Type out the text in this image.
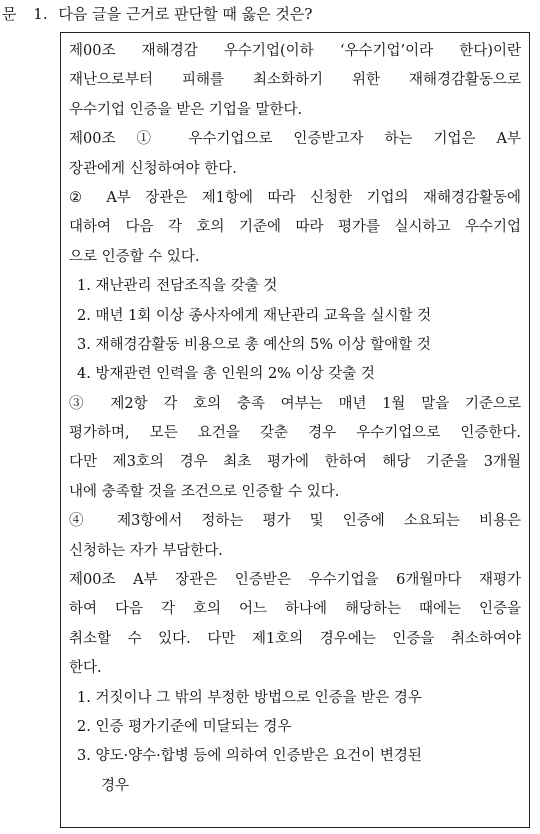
문 1. 다음 글을 근거로 판단할 때 옳은 것은?
제00조 재해경감 우수기업(이하 ‘우수기업’이라 한다)이란
재난으로부터 피해를 최소화하기 위한 재해경감활동으로
우수기업 인증을 받은 기업을 말한다.
제00조 ① 우수기업으로 인증받고자 하는 기업은 A부
장관에게 신청하여야 한다.
② A부 장관은 제1항에 따라 신청한 기업의 재해경감활동에
대하여 다음 각 호의 기준에 따라 평가를 실시하고 우수기업
으로 인증할 수 있다.
1. 재난관리 전담조직을 갖출 것
2. 매년 1회 이상 종사자에게 재난관리 교육을 실시할 것
3. 재해경감활동 비용으로 총 예산의 5% 이상 할애할 것
4. 방재관련 인력을 총 인원의 2% 이상 갖출 것
③ 제2항 각 호의 충족 여부는 매년 1월 말을 기준으로
평가하며, 모든 요건을 갖춘 경우 우수기업으로 인증한다.
다만 제3호의 경우 최초 평가에 한하여 해당 기준을 3개월
내에 충족할 것을 조건으로 인증할 수 있다.
④ 제3항에서 정하는 평가 및 인증에 소요되는 비용은
신청하는 자가 부담한다.
제00조 A부 장관은 인증받은 우수기업을 6개월마다 재평가
하여 다음 각 호의 어느 하나에 해당하는 때에는 인증을
취소할 수 있다. 다만 제1호의 경우에는 인증을 취소하여야
한다.
1. 거짓이나 그 밖의 부정한 방법으로 인증을 받은 경우
2. 인증 평가기준에 미달되는 경우
3. 양도·양수·합병 등에 의하여 인증받은 요건이 변경된
경우
